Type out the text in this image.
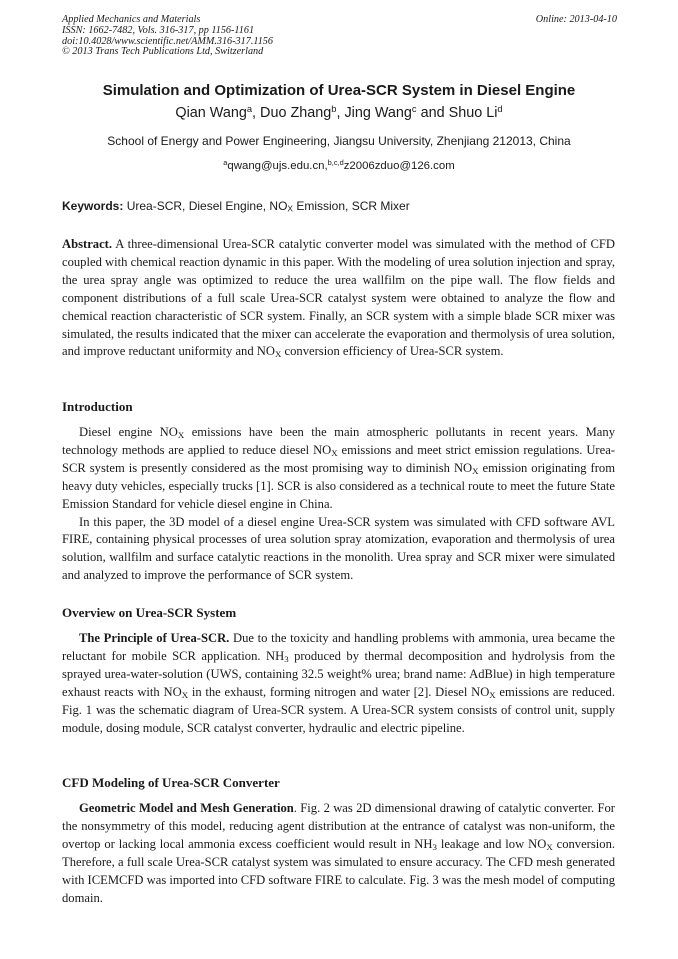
Applied Mechanics and Materials
ISSN: 1662-7482, Vols. 316-317, pp 1156-1161
doi:10.4028/www.scientific.net/AMM.316-317.1156
© 2013 Trans Tech Publications Ltd, Switzerland
Online: 2013-04-10
Simulation and Optimization of Urea-SCR System in Diesel Engine
Qian Wang$^a$, Duo Zhang$^b$, Jing Wang$^c$ and Shuo Li$^d$
School of Energy and Power Engineering, Jiangsu University, Zhenjiang 212013, China
$^a$qwang@ujs.edu.cn,$^{b,c,d}$z2006zduo@126.com
Keywords: Urea-SCR, Diesel Engine, $NO_X$ Emission, SCR Mixer

Abstract. A three-dimensional Urea-SCR catalytic converter model was simulated with the method of CFD coupled with chemical reaction dynamic in this paper. With the modeling of urea solution injection and spray, the urea spray angle was optimized to reduce the urea wallfilm on the pipe wall. The flow fields and component distributions of a full scale Urea-SCR catalyst system were obtained to analyze the flow and chemical reaction characteristic of SCR system. Finally, an SCR system with a simple blade SCR mixer was simulated, the results indicated that the mixer can accelerate the evaporation and thermolysis of urea solution, and improve reductant uniformity and $NO_X$ conversion efficiency of Urea-SCR system.

Introduction

Diesel engine $NO_X$ emissions have been the main atmospheric pollutants in recent years. Many technology methods are applied to reduce diesel $NO_X$ emissions and meet strict emission regulations. Urea-SCR system is presently considered as the most promising way to diminish $NO_X$ emission originating from heavy duty vehicles, especially trucks [1]. SCR is also considered as a technical route to meet the future State Emission Standard for vehicle diesel engine in China.

In this paper, the 3D model of a diesel engine Urea-SCR system was simulated with CFD software AVL FIRE, containing physical processes of urea solution spray atomization, evaporation and thermolysis of urea solution, wallfilm and surface catalytic reactions in the monolith. Urea spray and SCR mixer were simulated and analyzed to improve the performance of SCR system.

Overview on Urea-SCR System

The Principle of Urea-SCR. Due to the toxicity and handling problems with ammonia, urea became the reluctant for mobile SCR application. $NH_3$ produced by thermal decomposition and hydrolysis from the sprayed urea-water-solution (UWS, containing 32.5 weight% urea; brand name: AdBlue) in high temperature exhaust reacts with $NO_X$ in the exhaust, forming nitrogen and water [2]. Diesel $NO_X$ emissions are reduced. Fig. 1 was the schematic diagram of Urea-SCR system. A Urea-SCR system consists of control unit, supply module, dosing module, SCR catalyst converter, hydraulic and electric pipeline.

CFD Modeling of Urea-SCR Converter

Geometric Model and Mesh Generation. Fig. 2 was 2D dimensional drawing of catalytic converter. For the nonsymmetry of this model, reducing agent distribution at the entrance of catalyst was non-uniform, the overtop or lacking local ammonia excess coefficient would result in $NH_3$ leakage and low $NO_X$ conversion. Therefore, a full scale Urea-SCR catalyst system was simulated to ensure accuracy. The CFD mesh generated with ICEMCFD was imported into CFD software FIRE to calculate. Fig. 3 was the mesh model of computing domain.
